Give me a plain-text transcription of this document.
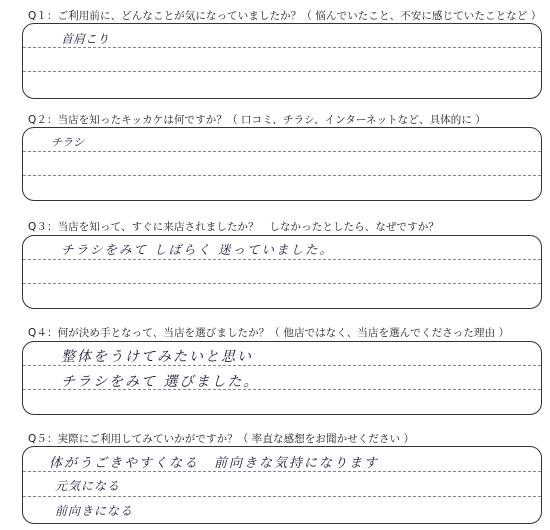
Q１：ご利用前に、どんなことが気になっていましたか？（ 悩んでいたこと、不安に感じていたことなど ）
首肩こり
Q２：当店を知ったキッカケは何ですか？（ 口コミ、チラシ、インターネットなど、具体的に ）
チラシ
Q３：当店を知って、すぐに来店されましたか？　しなかったとしたら、なぜですか？
チラシをみて しばらく 迷っていました。
Q４：何が決め手となって、当店を選びましたか？（ 他店ではなく、当店を選んでくださった理由 ）
整体をうけてみたいと思い
チラシをみて 選びました。
Q５：実際にご利用してみていかがですか？（ 率直な感想をお聞かせください ）
体がうごきやすくなる　前向きな気持になります
元気になる
前向きになる
